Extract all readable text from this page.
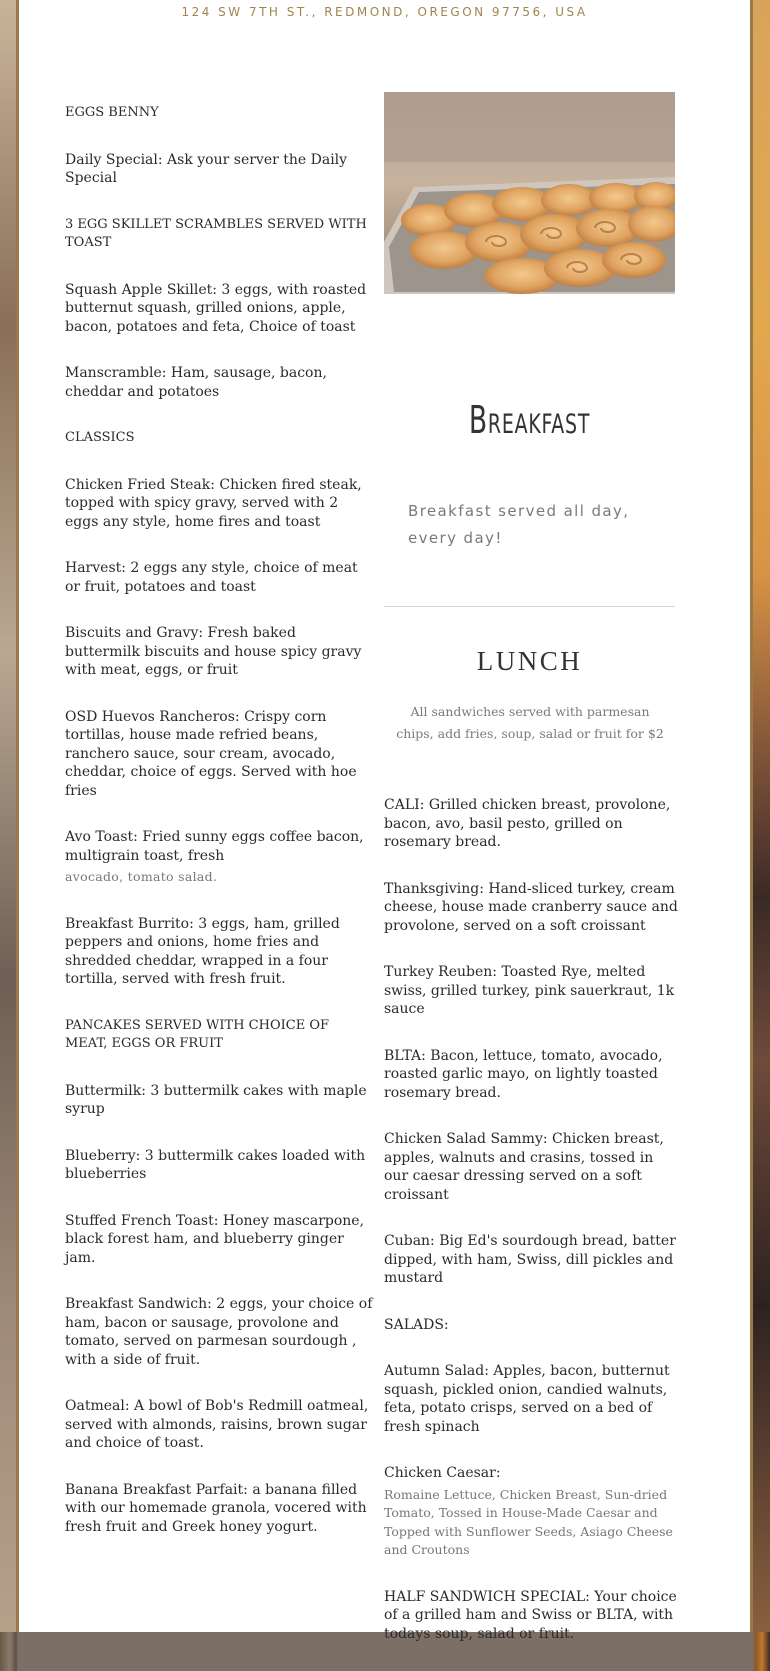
124 SW 7TH ST., REDMOND, OREGON 97756, USA
EGGS BENNY
Daily Special: Ask your server the Daily Special
3 EGG SKILLET SCRAMBLES SERVED WITH TOAST
Squash Apple Skillet: 3 eggs, with roasted butternut squash, grilled onions, apple, bacon, potatoes and feta, Choice of toast
Manscramble: Ham, sausage, bacon, cheddar and potatoes
CLASSICS
Chicken Fried Steak: Chicken fired steak, topped with spicy gravy, served with 2 eggs any style, home fires and toast
Harvest: 2 eggs any style, choice of meat or fruit, potatoes and toast
Biscuits and Gravy: Fresh baked buttermilk biscuits and house spicy gravy with meat, eggs, or fruit
OSD Huevos Rancheros: Crispy corn tortillas, house made refried beans, ranchero sauce, sour cream, avocado, cheddar, choice of eggs. Served with hoe fries
Avo Toast: Fried sunny eggs coffee bacon, multigrain toast, fresh
avocado, tomato salad.
Breakfast Burrito: 3 eggs, ham, grilled peppers and onions, home fries and shredded cheddar, wrapped in a four tortilla, served with fresh fruit.
PANCAKES SERVED WITH CHOICE OF MEAT, EGGS OR FRUIT
Buttermilk: 3 buttermilk cakes with maple syrup
Blueberry: 3 buttermilk cakes loaded with blueberries
Stuffed French Toast: Honey mascarpone, black forest ham, and blueberry ginger jam.
Breakfast Sandwich: 2 eggs, your choice of ham, bacon or sausage, provolone and tomato, served on parmesan sourdough , with a side of fruit.
Oatmeal: A bowl of Bob's Redmill oatmeal, served with almonds, raisins, brown sugar and choice of toast.
Banana Breakfast Parfait: a banana filled with our homemade granola, vocered with fresh fruit and Greek honey yogurt.
Breakfast
Breakfast served all day, every day!
LUNCH
All sandwiches served with parmesan chips, add fries, soup, salad or fruit for $2
CALI: Grilled chicken breast, provolone, bacon, avo, basil pesto, grilled on rosemary bread.
Thanksgiving: Hand-sliced turkey, cream cheese, house made cranberry sauce and provolone, served on a soft croissant
Turkey Reuben: Toasted Rye, melted swiss, grilled turkey, pink sauerkraut, 1k sauce
BLTA: Bacon, lettuce, tomato, avocado, roasted garlic mayo, on lightly toasted rosemary bread.
Chicken Salad Sammy: Chicken breast, apples, walnuts and crasins, tossed in our caesar dressing served on a soft croissant
Cuban: Big Ed's sourdough bread, batter dipped, with ham, Swiss, dill pickles and mustard
SALADS:
Autumn Salad: Apples, bacon, butternut squash, pickled onion, candied walnuts, feta, potato crisps, served on a bed of fresh spinach
Chicken Caesar:
Romaine Lettuce, Chicken Breast, Sun-dried Tomato, Tossed in House-Made Caesar and Topped with Sunflower Seeds, Asiago Cheese and Croutons
HALF SANDWICH SPECIAL: Your choice of a grilled ham and Swiss or BLTA, with todays soup, salad or fruit.
